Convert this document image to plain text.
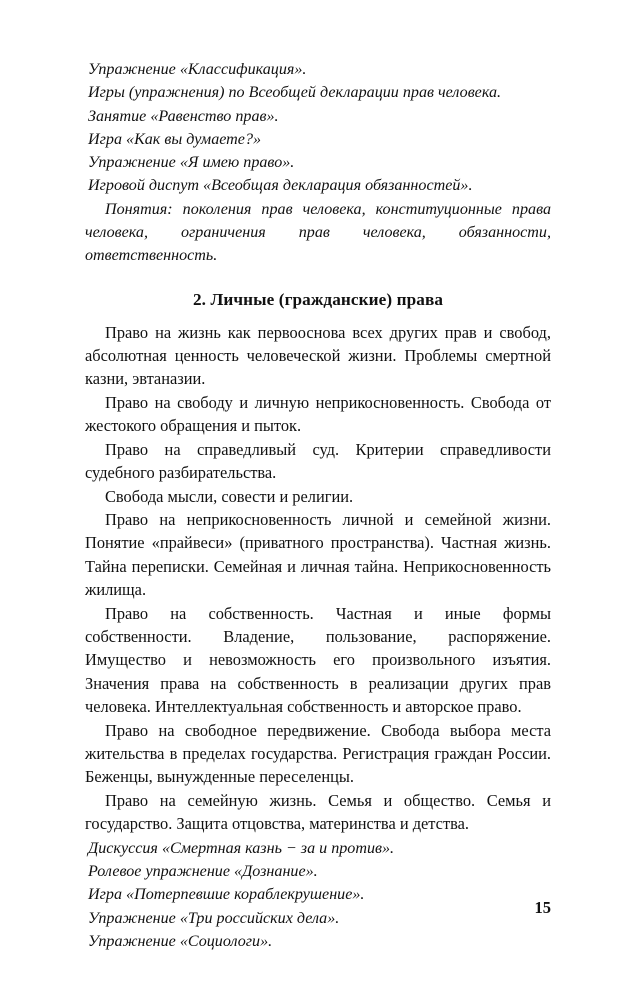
Упражнение «Классификация».
Игры (упражнения) по Всеобщей декларации прав человека.
Занятие «Равенство прав».
Игра «Как вы думаете?»
Упражнение «Я имею право».
Игровой диспут «Всеобщая декларация обязанностей».

Понятия: поколения прав человека, конституционные права человека, ограничения прав человека, обязанности, ответственность.

2. Личные (гражданские) права

Право на жизнь как первооснова всех других прав и свобод, абсолютная ценность человеческой жизни. Проблемы смертной казни, эвтаназии.

Право на свободу и личную неприкосновенность. Свобода от жестокого обращения и пыток.

Право на справедливый суд. Критерии справедливости судебного разбирательства.

Свобода мысли, совести и религии.

Право на неприкосновенность личной и семейной жизни. Понятие «прайвеси» (приватного пространства). Частная жизнь. Тайна переписки. Семейная и личная тайна. Неприкосновенность жилища.

Право на собственность. Частная и иные формы собственности. Владение, пользование, распоряжение. Имущество и невозможность его произвольного изъятия. Значения права на собственность в реализации других прав человека. Интеллектуальная собственность и авторское право.

Право на свободное передвижение. Свобода выбора места жительства в пределах государства. Регистрация граждан России. Беженцы, вынужденные переселенцы.

Право на семейную жизнь. Семья и общество. Семья и государство. Защита отцовства, материнства и детства.

Дискуссия «Смертная казнь − за и против».
Ролевое упражнение «Дознание».
Игра «Потерпевшие кораблекрушение».
Упражнение «Три российских дела».
Упражнение «Социологи».
15
